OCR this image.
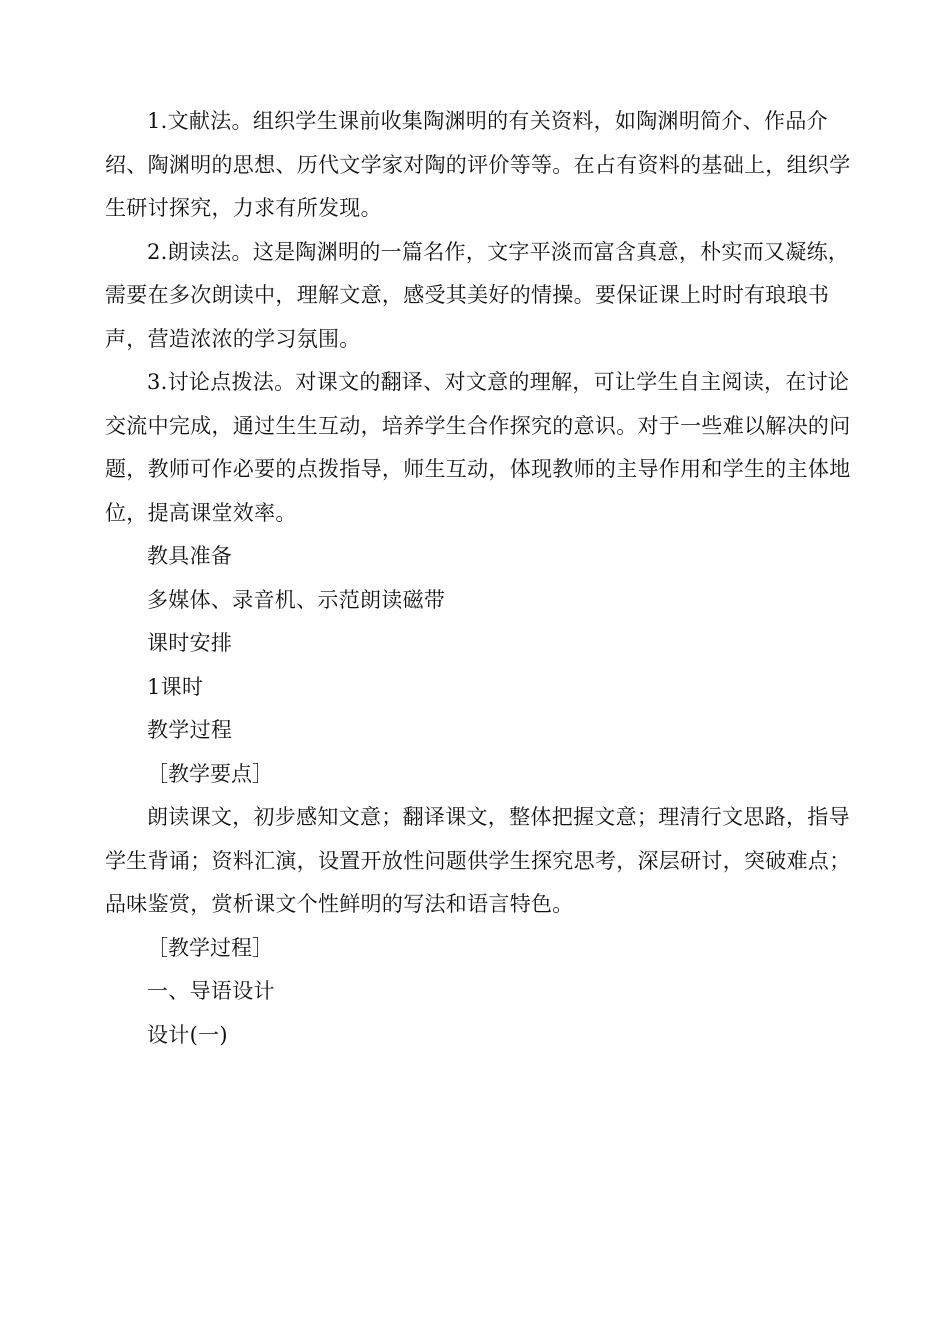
1.文献法。组织学生课前收集陶渊明的有关资料，如陶渊明简介、作品介绍、陶渊明的思想、历代文学家对陶的评价等等。在占有资料的基础上，组织学生研讨探究，力求有所发现。

2.朗读法。这是陶渊明的一篇名作，文字平淡而富含真意，朴实而又凝练，需要在多次朗读中，理解文意，感受其美好的情操。要保证课上时时有琅琅书声，营造浓浓的学习氛围。

3.讨论点拨法。对课文的翻译、对文意的理解，可让学生自主阅读，在讨论交流中完成，通过生生互动，培养学生合作探究的意识。对于一些难以解决的问题，教师可作必要的点拨指导，师生互动，体现教师的主导作用和学生的主体地位，提高课堂效率。

教具准备

多媒体、录音机、示范朗读磁带

课时安排

1课时

教学过程

［教学要点］

朗读课文，初步感知文意；翻译课文，整体把握文意；理清行文思路，指导学生背诵；资料汇演，设置开放性问题供学生探究思考，深层研讨，突破难点；品味鉴赏，赏析课文个性鲜明的写法和语言特色。

［教学过程］

一、导语设计

设计(一)
